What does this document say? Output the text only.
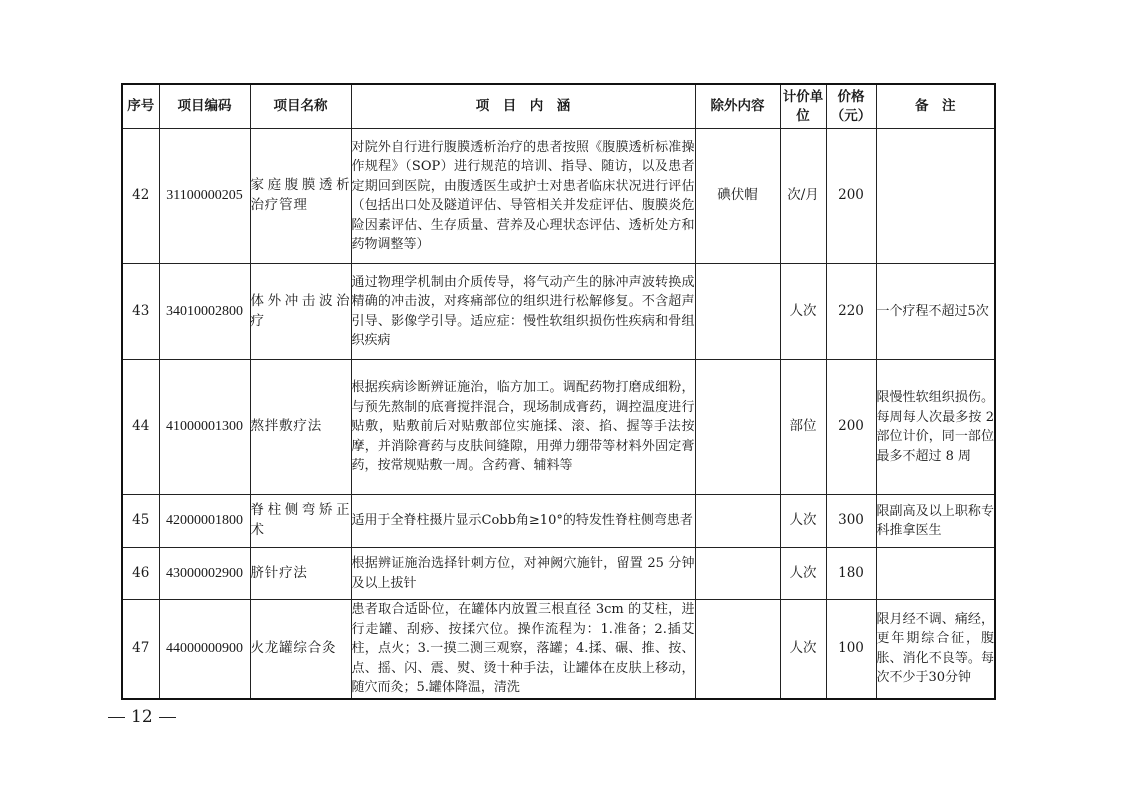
序号	项目编码	项目名称	项　目　内　涵	除外内容	计价单位	价格（元）	备　注
42	31100000205	家庭腹膜透析治疗管理	对院外自行进行腹膜透析治疗的患者按照《腹膜透析标准操作规程》（SOP）进行规范的培训、指导、随访，以及患者定期回到医院，由腹透医生或护士对患者临床状况进行评估（包括出口处及隧道评估、导管相关并发症评估、腹膜炎危险因素评估、生存质量、营养及心理状态评估、透析处方和药物调整等）	碘伏帽	次/月	200	
43	34010002800	体外冲击波治疗	通过物理学机制由介质传导，将气动产生的脉冲声波转换成精确的冲击波，对疼痛部位的组织进行松解修复。不含超声引导、影像学引导。适应症：慢性软组织损伤性疾病和骨组织疾病		人次	220	一个疗程不超过5次
44	41000001300	熬拌敷疗法	根据疾病诊断辨证施治，临方加工。调配药物打磨成细粉，与预先熬制的底膏搅拌混合，现场制成膏药，调控温度进行贴敷，贴敷前后对贴敷部位实施揉、滚、掐、握等手法按摩，并消除膏药与皮肤间缝隙，用弹力绷带等材料外固定膏药，按常规贴敷一周。含药膏、辅料等		部位	200	限慢性软组织损伤。每周每人次最多按 2 部位计价，同一部位最多不超过 8 周
45	42000001800	脊柱侧弯矫正术	适用于全脊柱摄片显示Cobb角≥10°的特发性脊柱侧弯患者		人次	300	限副高及以上职称专科推拿医生
46	43000002900	脐针疗法	根据辨证施治选择针刺方位，对神阙穴施针，留置 25 分钟及以上拔针		人次	180	
47	44000000900	火龙罐综合灸	患者取合适卧位，在罐体内放置三根直径 3cm 的艾柱，进行走罐、刮痧、按揉穴位。操作流程为：1.准备；2.插艾柱，点火；3.一摸二测三观察，落罐；4.揉、碾、推、按、点、摇、闪、震、熨、烫十种手法，让罐体在皮肤上移动，随穴而灸；5.罐体降温，清洗		人次	100	限月经不调、痛经，更年期综合征，腹胀、消化不良等。每次不少于30分钟
12
